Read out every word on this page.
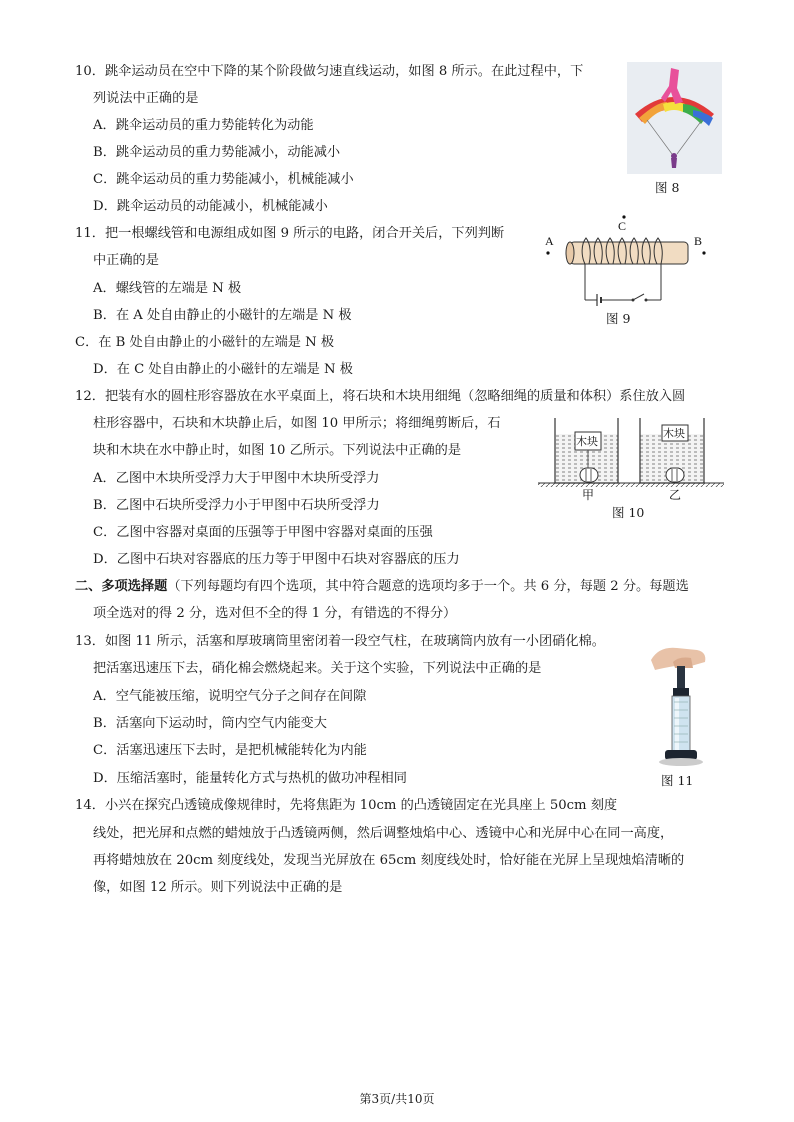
10．跳伞运动员在空中下降的某个阶段做匀速直线运动，如图 8 所示。在此过程中，下
列说法中正确的是
A．跳伞运动员的重力势能转化为动能
B．跳伞运动员的重力势能减小，动能减小
C．跳伞运动员的重力势能减小，机械能减小
D．跳伞运动员的动能减小，机械能减小
图 8
11．把一根螺线管和电源组成如图 9 所示的电路，闭合开关后，下列判断
中正确的是
A．螺线管的左端是 N 极
B．在 A 处自由静止的小磁针的左端是 N 极
C．在 B 处自由静止的小磁针的左端是 N 极
D．在 C 处自由静止的小磁针的左端是 N 极
A
C
B
图 9
12．把装有水的圆柱形容器放在水平桌面上，将石块和木块用细绳（忽略细绳的质量和体积）系住放入圆
柱形容器中，石块和木块静止后，如图 10 甲所示；将细绳剪断后，石
块和木块在水中静止时，如图 10 乙所示。下列说法中正确的是
A．乙图中木块所受浮力大于甲图中木块所受浮力
B．乙图中石块所受浮力小于甲图中石块所受浮力
C．乙图中容器对桌面的压强等于甲图中容器对桌面的压强
D．乙图中石块对容器底的压力等于甲图中石块对容器底的压力
木块
木块
甲	乙
图 10
二、多项选择题（下列每题均有四个选项，其中符合题意的选项均多于一个。共 6 分，每题 2 分。每题选
项全选对的得 2 分，选对但不全的得 1 分，有错选的不得分）
13．如图 11 所示，活塞和厚玻璃筒里密闭着一段空气柱，在玻璃筒内放有一小团硝化棉。
把活塞迅速压下去，硝化棉会燃烧起来。关于这个实验，下列说法中正确的是
A．空气能被压缩，说明空气分子之间存在间隙
B．活塞向下运动时，筒内空气内能变大
C．活塞迅速压下去时，是把机械能转化为内能
D．压缩活塞时，能量转化方式与热机的做功冲程相同	图 11
14．小兴在探究凸透镜成像规律时，先将焦距为 10cm 的凸透镜固定在光具座上 50cm 刻度
线处，把光屏和点燃的蜡烛放于凸透镜两侧，然后调整烛焰中心、透镜中心和光屏中心在同一高度，
再将蜡烛放在 20cm 刻度线处，发现当光屏放在 65cm 刻度线处时，恰好能在光屏上呈现烛焰清晰的
像，如图 12 所示。则下列说法中正确的是
第3页/共10页
